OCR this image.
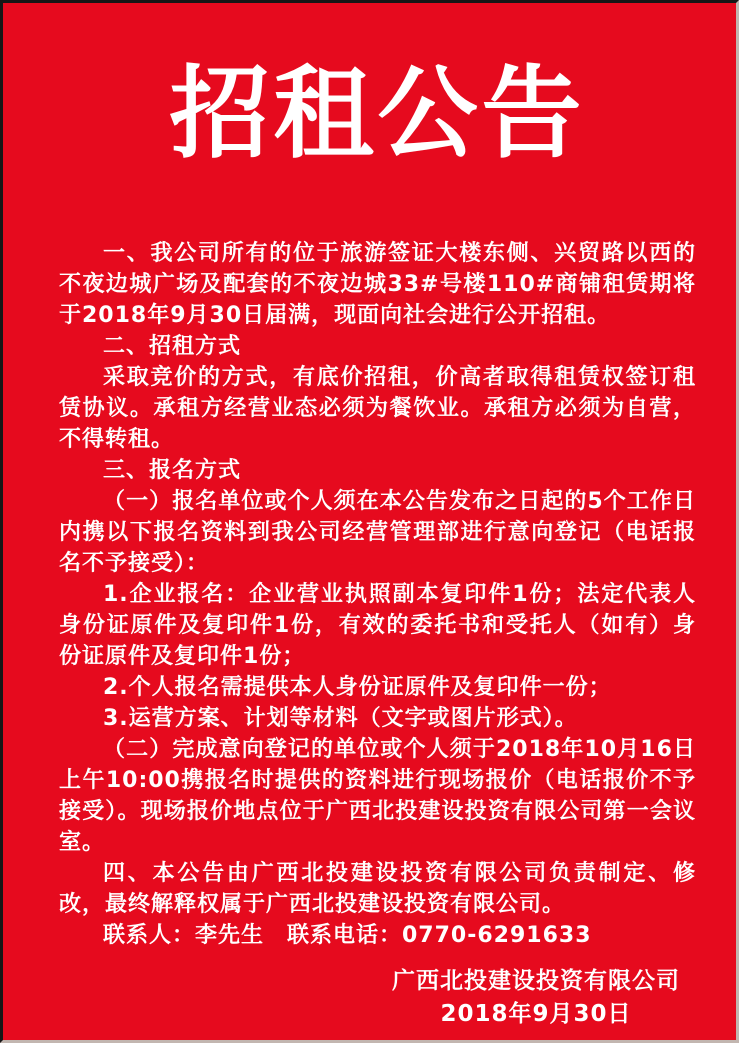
招租公告

一、我公司所有的位于旅游签证大楼东侧、兴贸路以西的不夜边城广场及配套的不夜边城33#号楼110#商铺租赁期将于2018年9月30日届满，现面向社会进行公开招租。

二、招租方式

采取竞价的方式，有底价招租，价高者取得租赁权签订租赁协议。承租方经营业态必须为餐饮业。承租方必须为自营，不得转租。

三、报名方式

（一）报名单位或个人须在本公告发布之日起的5个工作日内携以下报名资料到我公司经营管理部进行意向登记（电话报名不予接受）：

1.企业报名：企业营业执照副本复印件1份；法定代表人身份证原件及复印件1份，有效的委托书和受托人（如有）身份证原件及复印件1份；

2.个人报名需提供本人身份证原件及复印件一份；

3.运营方案、计划等材料（文字或图片形式）。

（二）完成意向登记的单位或个人须于2018年10月16日上午10:00携报名时提供的资料进行现场报价（电话报价不予接受）。现场报价地点位于广西北投建设投资有限公司第一会议室。

四、本公告由广西北投建设投资有限公司负责制定、修改，最终解释权属于广西北投建设投资有限公司。

联系人：李先生　联系电话：0770-6291633

广西北投建设投资有限公司
2018年9月30日
